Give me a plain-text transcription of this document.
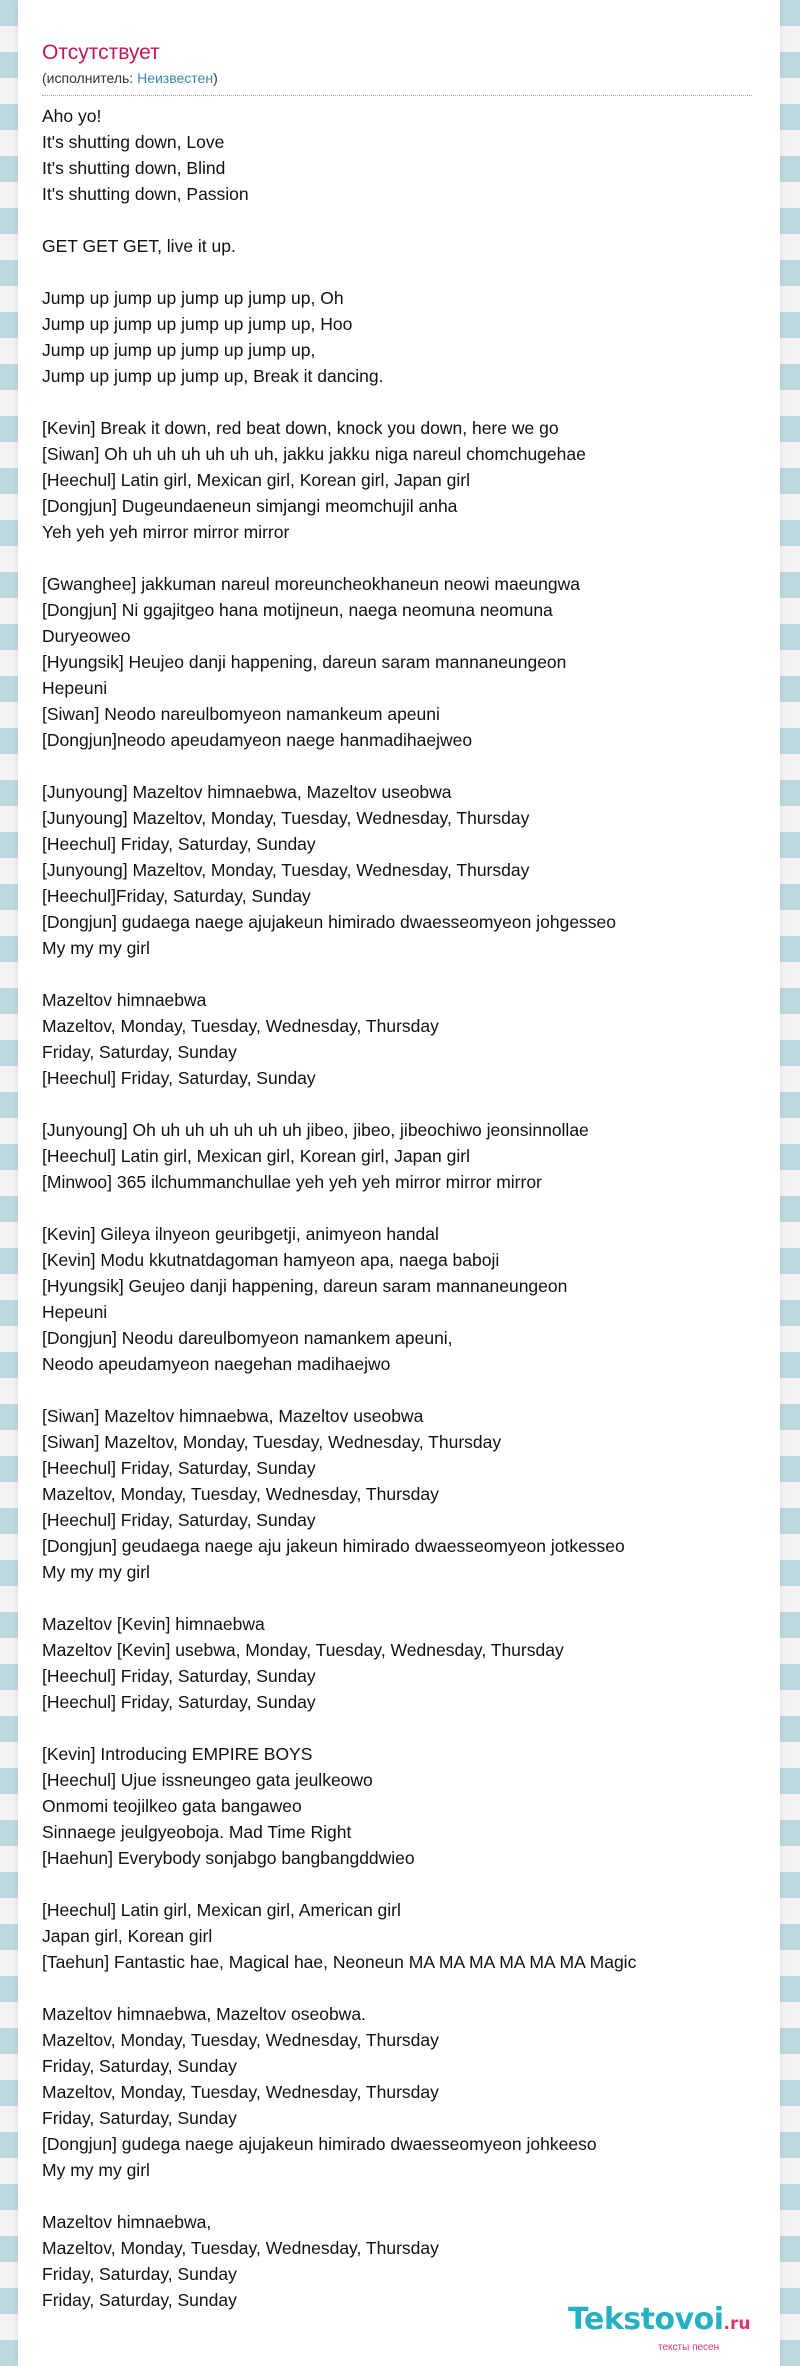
Отсутствует
(исполнитель: Неизвестен)
Aho yo!
It's shutting down, Love
It's shutting down, Blind
It's shutting down, Passion
GET GET GET, live it up.
Jump up jump up jump up jump up, Oh
Jump up jump up jump up jump up, Hoo
Jump up jump up jump up jump up,
Jump up jump up jump up, Break it dancing.
[Kevin] Break it down, red beat down, knock you down, here we go
[Siwan] Oh uh uh uh uh uh uh, jakku jakku niga nareul chomchugehae
[Heechul] Latin girl, Mexican girl, Korean girl, Japan girl
[Dongjun] Dugeundaeneun simjangi meomchujil anha
Yeh yeh yeh mirror mirror mirror
[Gwanghee] jakkuman nareul moreuncheokhaneun neowi maeungwa
[Dongjun] Ni ggajitgeo hana motijneun, naega neomuna neomuna
Duryeoweo
[Hyungsik] Heujeo danji happening, dareun saram mannaneungeon
Hepeuni
[Siwan] Neodo nareulbomyeon namankeum apeuni
[Dongjun]neodo apeudamyeon naege hanmadihaejweo
[Junyoung] Mazeltov himnaebwa, Mazeltov useobwa
[Junyoung] Mazeltov, Monday, Tuesday, Wednesday, Thursday
[Heechul] Friday, Saturday, Sunday
[Junyoung] Mazeltov, Monday, Tuesday, Wednesday, Thursday
[Heechul]Friday, Saturday, Sunday
[Dongjun] gudaega naege ajujakeun himirado dwaesseomyeon johgesseo
My my my girl
Mazeltov himnaebwa
Mazeltov, Monday, Tuesday, Wednesday, Thursday
Friday, Saturday, Sunday
[Heechul] Friday, Saturday, Sunday
[Junyoung] Oh uh uh uh uh uh uh jibeo, jibeo, jibeochiwo jeonsinnollae
[Heechul] Latin girl, Mexican girl, Korean girl, Japan girl
[Minwoo] 365 ilchummanchullae yeh yeh yeh mirror mirror mirror
[Kevin] Gileya ilnyeon geuribgetji, animyeon handal
[Kevin] Modu kkutnatdagoman hamyeon apa, naega baboji
[Hyungsik] Geujeo danji happening, dareun saram mannaneungeon
Hepeuni
[Dongjun] Neodu dareulbomyeon namankem apeuni,
Neodo apeudamyeon naegehan madihaejwo
[Siwan] Mazeltov himnaebwa, Mazeltov useobwa
[Siwan] Mazeltov, Monday, Tuesday, Wednesday, Thursday
[Heechul] Friday, Saturday, Sunday
Mazeltov, Monday, Tuesday, Wednesday, Thursday
[Heechul] Friday, Saturday, Sunday
[Dongjun] geudaega naege aju jakeun himirado dwaesseomyeon jotkesseo
My my my girl
Mazeltov [Kevin] himnaebwa
Mazeltov [Kevin] usebwa, Monday, Tuesday, Wednesday, Thursday
[Heechul] Friday, Saturday, Sunday
[Heechul] Friday, Saturday, Sunday
[Kevin] Introducing EMPIRE BOYS
[Heechul] Ujue issneungeo gata jeulkeowo
Onmomi teojilkeo gata bangaweo
Sinnaege jeulgyeoboja. Mad Time Right
[Haehun] Everybody sonjabgo bangbangddwieo
[Heechul] Latin girl, Mexican girl, American girl
Japan girl, Korean girl
[Taehun] Fantastic hae, Magical hae, Neoneun MA MA MA MA MA MA Magic
Mazeltov himnaebwa, Mazeltov oseobwa.
Mazeltov, Monday, Tuesday, Wednesday, Thursday
Friday, Saturday, Sunday
Mazeltov, Monday, Tuesday, Wednesday, Thursday
Friday, Saturday, Sunday
[Dongjun] gudega naege ajujakeun himirado dwaesseomyeon johkeeso
My my my girl
Mazeltov himnaebwa,
Mazeltov, Monday, Tuesday, Wednesday, Thursday
Friday, Saturday, Sunday
Friday, Saturday, Sunday
Tekstovoi.ru
тексты песен
